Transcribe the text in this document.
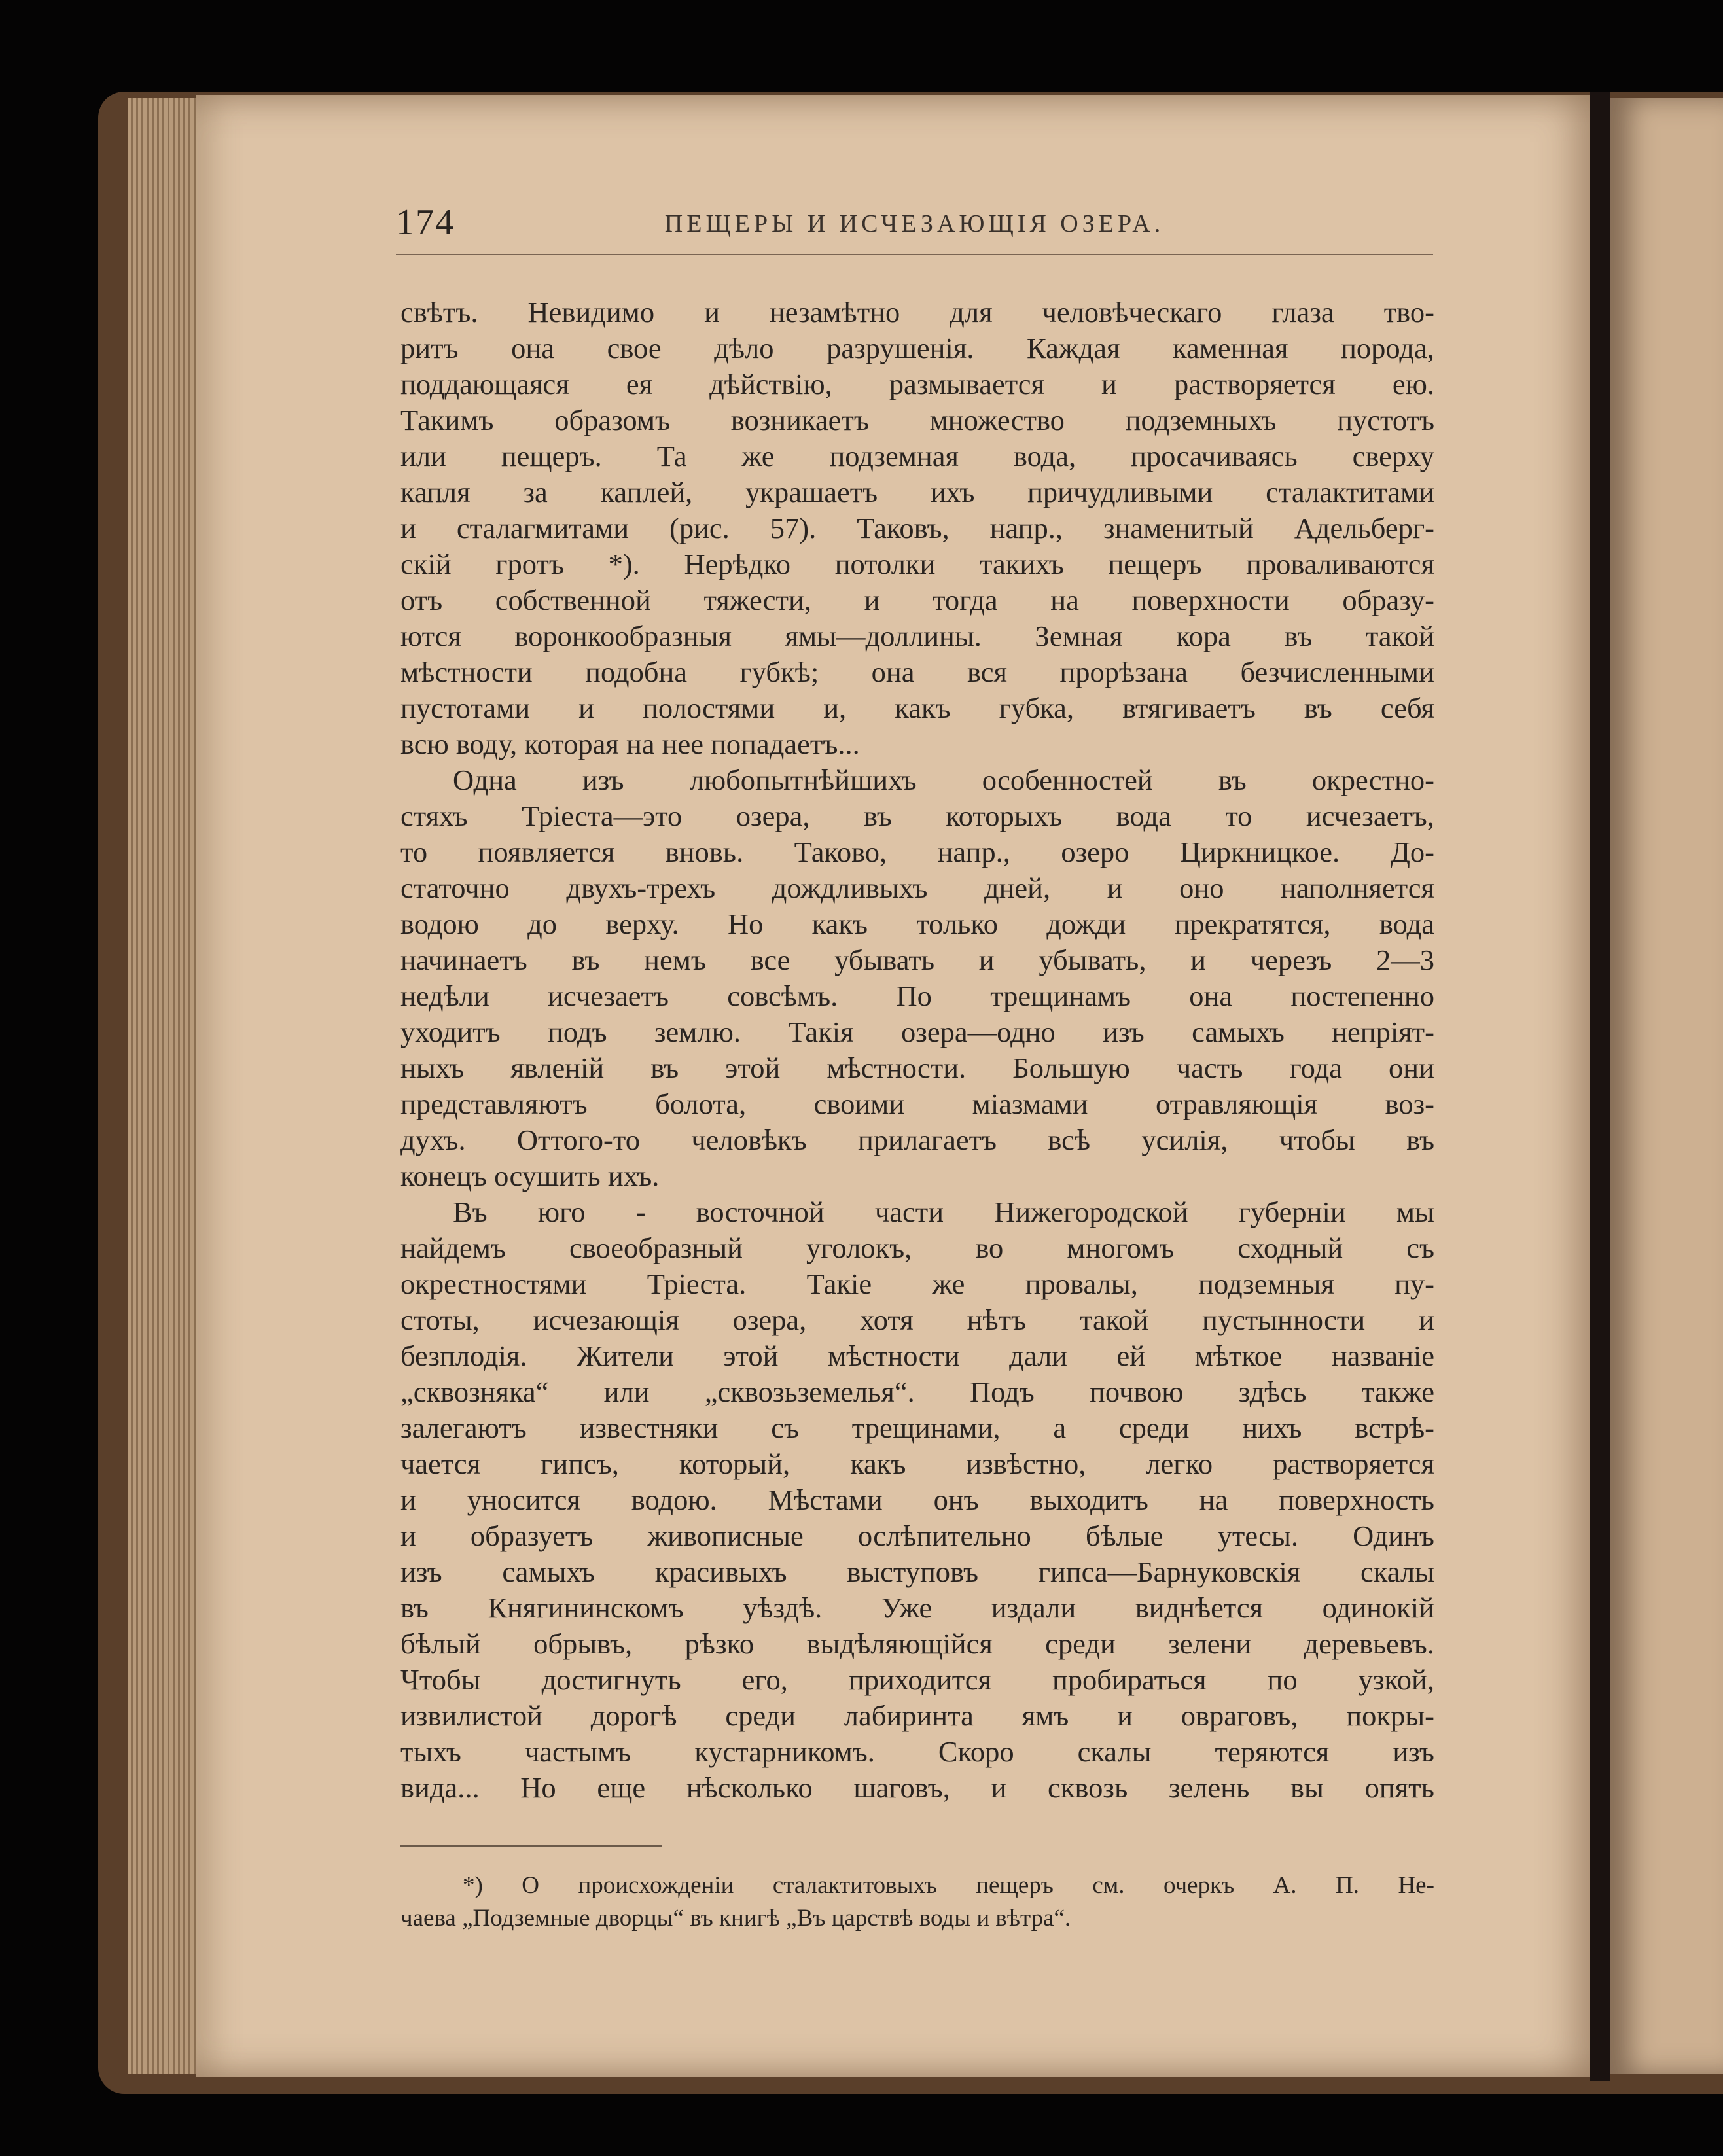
174	ПЕЩЕРЫ И ИСЧЕЗАЮЩІЯ ОЗЕРА.
свѣтъ. Невидимо и незамѣтно для человѣческаго глаза тво-
ритъ она свое дѣло разрушенія. Каждая каменная порода,
поддающаяся ея дѣйствію, размывается и растворяется ею.
Такимъ образомъ возникаетъ множество подземныхъ пустотъ
или пещеръ. Та же подземная вода, просачиваясь сверху
капля за каплей, украшаетъ ихъ причудливыми сталактитами
и сталагмитами (рис. 57). Таковъ, напр., знаменитый Адельберг-
скій гротъ *). Нерѣдко потолки такихъ пещеръ проваливаются
отъ собственной тяжести, и тогда на поверхности образу-
ются воронкообразныя ямы—доллины. Земная кора въ такой
мѣстности подобна губкѣ; она вся прорѣзана безчисленными
пустотами и полостями и, какъ губка, втягиваетъ въ себя
всю воду, которая на нее попадаетъ...
Одна изъ любопытнѣйшихъ особенностей въ окрестно-
стяхъ Тріеста—это озера, въ которыхъ вода то исчезаетъ,
то появляется вновь. Таково, напр., озеро Циркницкое. До-
статочно двухъ-трехъ дождливыхъ дней, и оно наполняется
водою до верху. Но какъ только дожди прекратятся, вода
начинаетъ въ немъ все убывать и убывать, и черезъ 2—3
недѣли исчезаетъ совсѣмъ. По трещинамъ она постепенно
уходитъ подъ землю. Такія озера—одно изъ самыхъ непріят-
ныхъ явленій въ этой мѣстности. Большую часть года они
представляютъ болота, своими міазмами отравляющія воз-
духъ. Оттого-то человѣкъ прилагаетъ всѣ усилія, чтобы въ
конецъ осушить ихъ.
Въ юго - восточной части Нижегородской губерніи мы
найдемъ своеобразный уголокъ, во многомъ сходный съ
окрестностями Тріеста. Такіе же провалы, подземныя пу-
стоты, исчезающія озера, хотя нѣтъ такой пустынности и
безплодія. Жители этой мѣстности дали ей мѣткое названіе
„сквозняка“ или „сквозьземелья“. Подъ почвою здѣсь также
залегаютъ известняки съ трещинами, а среди нихъ встрѣ-
чается гипсъ, который, какъ извѣстно, легко растворяется
и уносится водою. Мѣстами онъ выходитъ на поверхность
и образуетъ живописные ослѣпительно бѣлые утесы. Одинъ
изъ самыхъ красивыхъ выступовъ гипса—Барнуковскія скалы
въ Княгининскомъ уѣздѣ. Уже издали виднѣется одинокій
бѣлый обрывъ, рѣзко выдѣляющійся среди зелени деревьевъ.
Чтобы достигнуть его, приходится пробираться по узкой,
извилистой дорогѣ среди лабиринта ямъ и овраговъ, покры-
тыхъ частымъ кустарникомъ. Скоро скалы теряются изъ
вида... Но еще нѣсколько шаговъ, и сквозь зелень вы опять
*) О происхожденіи сталактитовыхъ пещеръ см. очеркъ А. П. Не-
чаева „Подземные дворцы“ въ книгѣ „Въ царствѣ воды и вѣтра“.
